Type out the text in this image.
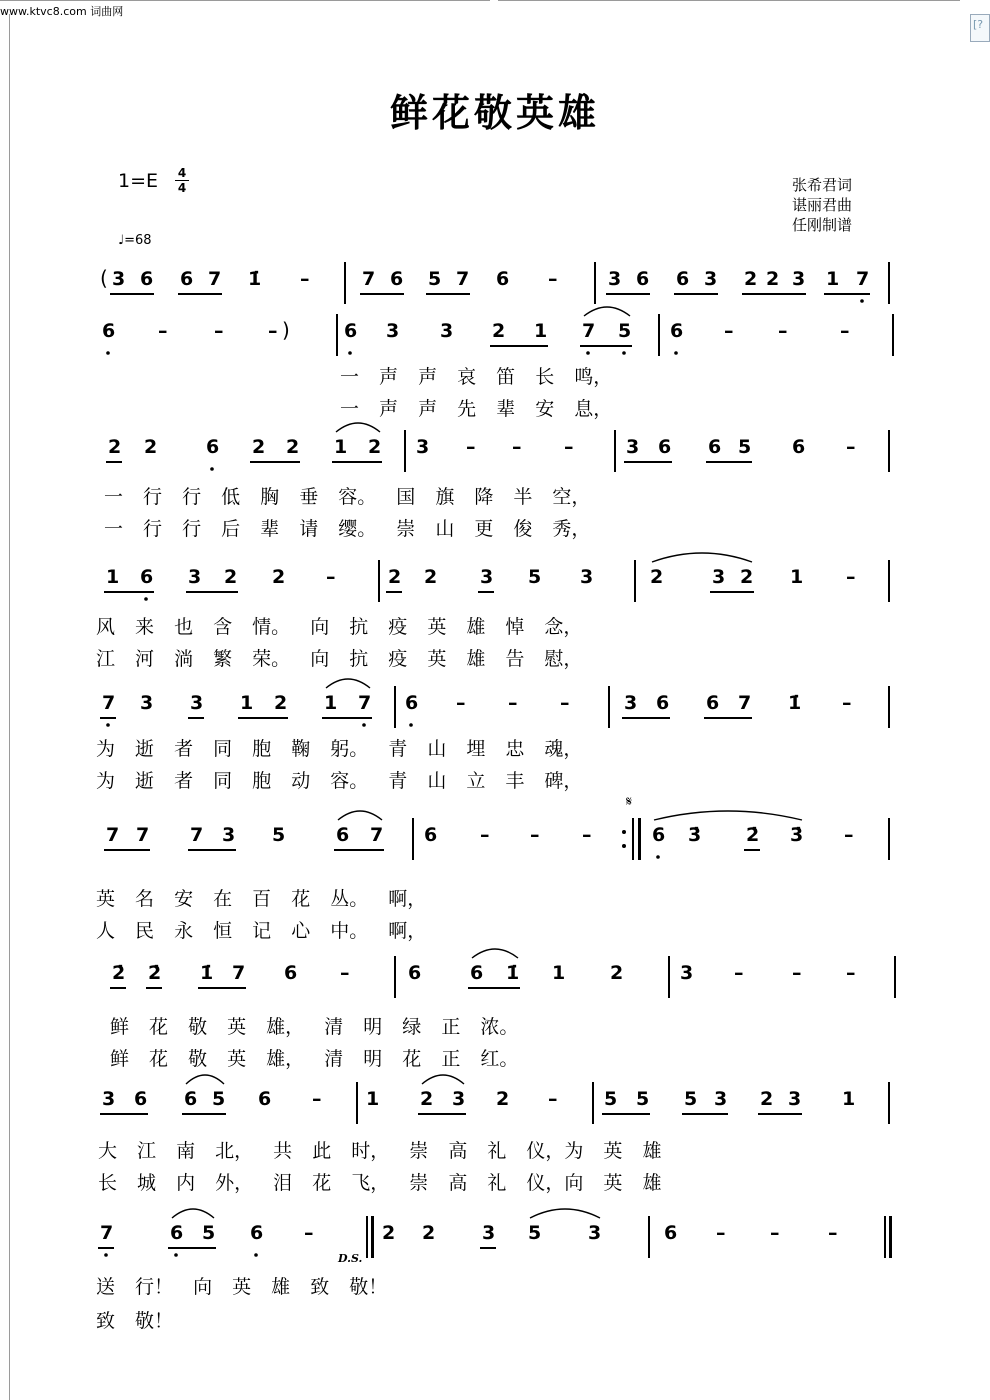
[?
www.ktvc8.com 词曲网
鲜花敬英雄
$1=E \frac{4}{4}$
♩=68
张希君词
谌丽君曲
任刚制谱
(
)
𝄋
D.S.
3 6 6 7 1̇ –	7 6 5 7 6 –	3 6 6 3 2 2 3 1 7
6 – – –	6 3 3 2 1 7 5 6 – –	–
一 声 声 哀 笛 长 鸣，
一 声 声 先 辈 安 息，
2 2	6 2 2 1 2 3 – – –	3 6 6 5 6 –
一 行 行 低 胸 垂 容。 国 旗 降 半 空，
一 行 行 后 辈 请 缨。 崇 山 更 俊 秀，
1 6 3 2 2 –	2 2 3 5 3	2	3 2 1 –
风 来 也 含 情。 向 抗 疫 英 雄 悼 念，
江 河 淌 繁 荣。 向 抗 疫 英 雄 告 慰，
7 3 3 1 2 1 7 6 – – –	3 6 6 7 1̇ –
为 逝 者 同 胞 鞠 躬。 青 山 埋 忠 魂，
为 逝 者 同 胞 动 容。 青 山 立 丰 碑，
7 7 7 3 5	6 7 6 – – –	6 3̇ 2̇ 3̇ –
英 名 安 在 百 花 丛。 啊，
人 民 永 恒 记 心 中。 啊，
2̇ 2̇ 1̇ 7 6 –	6	6 1̇ 1 2	3 –	– –
鲜 花 敬 英 雄， 清 明 绿 正 浓。
鲜 花 敬 英 雄， 清 明 花 正 红。
3 6 6 5 6 – 1 2 3 2 – 5 5 5 3 2 3 1
大 江 南 北， 共 此 时， 崇 高 礼 仪，为 英 雄
长 城 内 外， 泪 花 飞， 崇 高 礼 仪，向 英 雄
7	6 5 6 –	2 2 3 5 3	6 – –	–
送 行！ 向 英 雄 致 敬！
致 敬！
